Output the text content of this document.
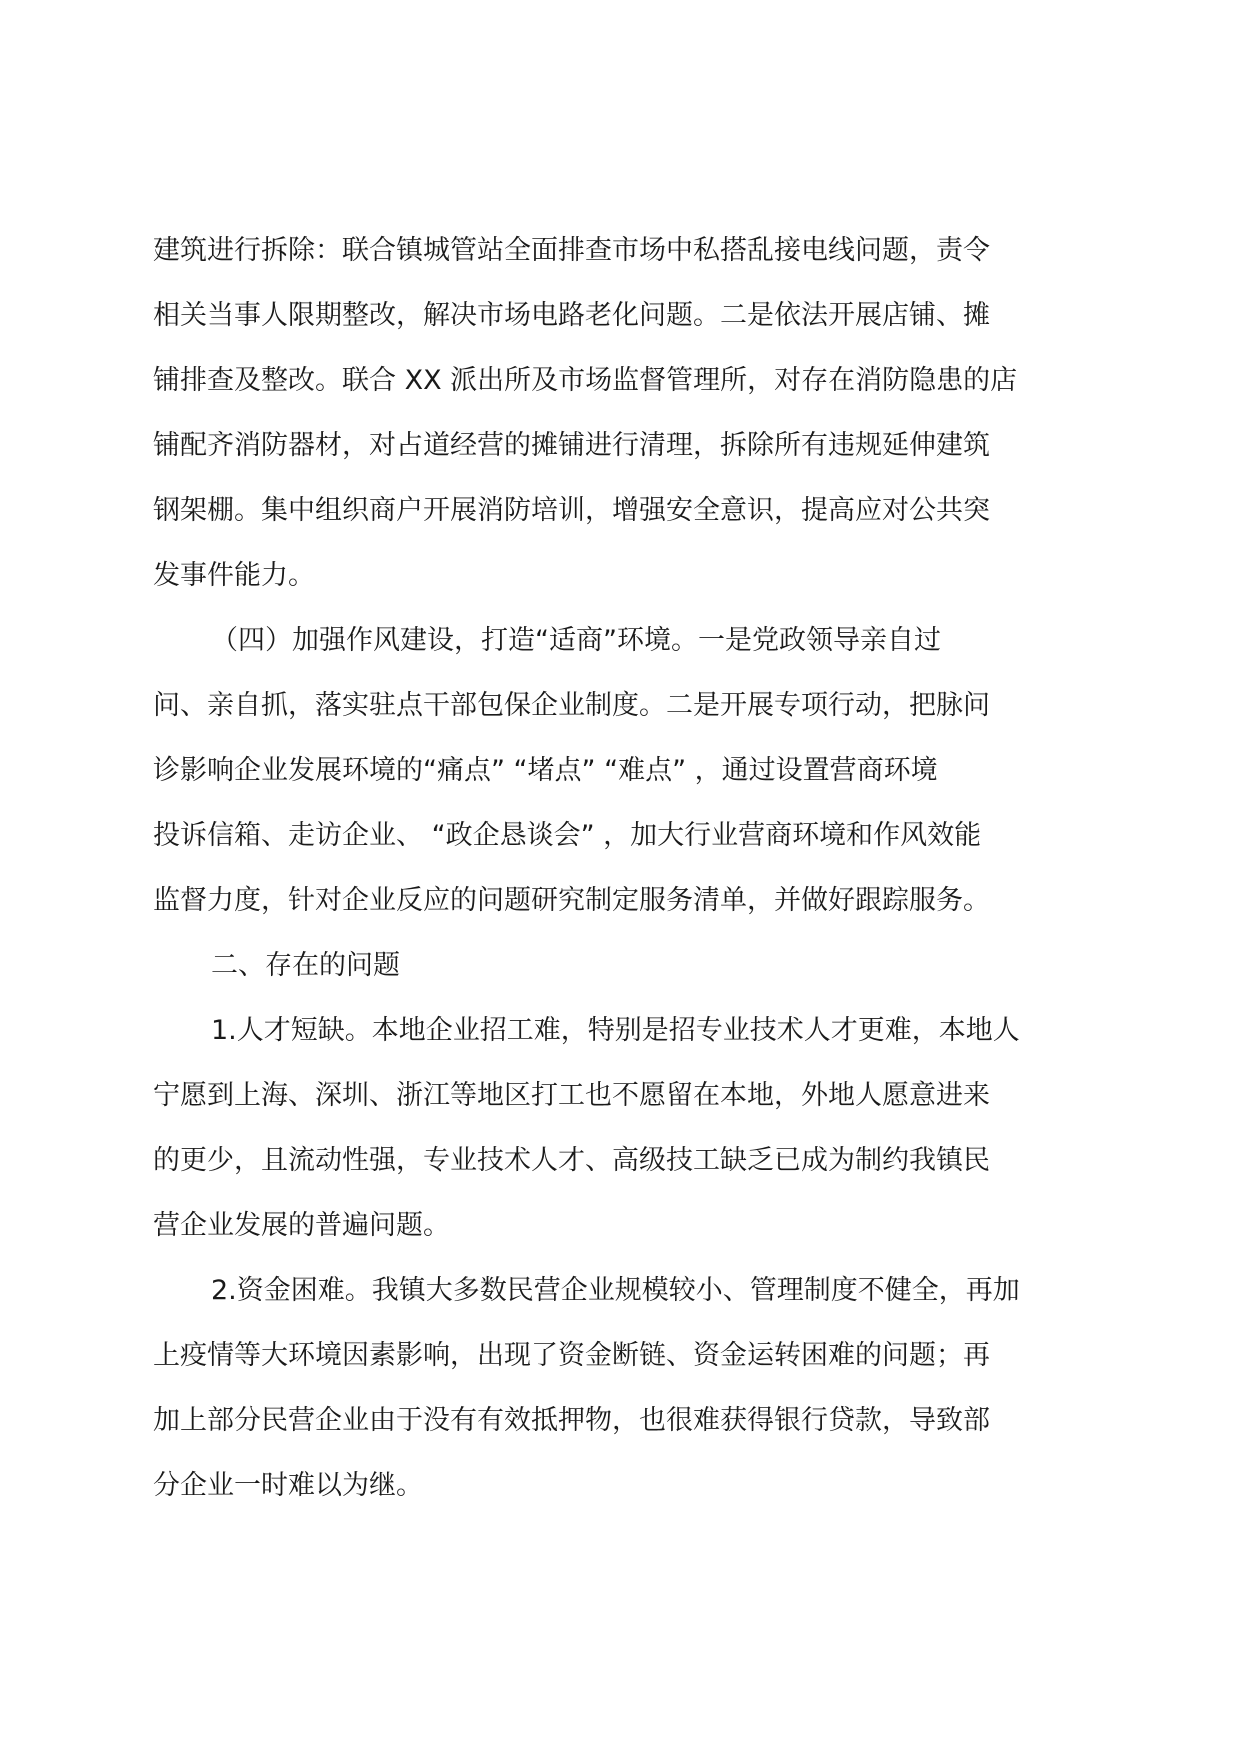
建筑进行拆除：联合镇城管站全面排查市场中私搭乱接电线问题，责令
相关当事人限期整改，解决市场电路老化问题。二是依法开展店铺、摊
铺排查及整改。联合 XX 派出所及市场监督管理所，对存在消防隐患的店
铺配齐消防器材，对占道经营的摊铺进行清理，拆除所有违规延伸建筑
钢架棚。集中组织商户开展消防培训，增强安全意识，提高应对公共突
发事件能力。
（四）加强作风建设，打造“适商”环境。一是党政领导亲自过
问、亲自抓，落实驻点干部包保企业制度。二是开展专项行动，把脉问
诊影响企业发展环境的“痛点” “堵点” “难点” ，通过设置营商环境
投诉信箱、走访企业、 “政企恳谈会” ，加大行业营商环境和作风效能
监督力度，针对企业反应的问题研究制定服务清单，并做好跟踪服务。
二、存在的问题
1.人才短缺。本地企业招工难，特别是招专业技术人才更难，本地人
宁愿到上海、深圳、浙江等地区打工也不愿留在本地，外地人愿意进来
的更少，且流动性强，专业技术人才、高级技工缺乏已成为制约我镇民
营企业发展的普遍问题。
2.资金困难。我镇大多数民营企业规模较小、管理制度不健全，再加
上疫情等大环境因素影响，出现了资金断链、资金运转困难的问题；再
加上部分民营企业由于没有有效抵押物，也很难获得银行贷款，导致部
分企业一时难以为继。
